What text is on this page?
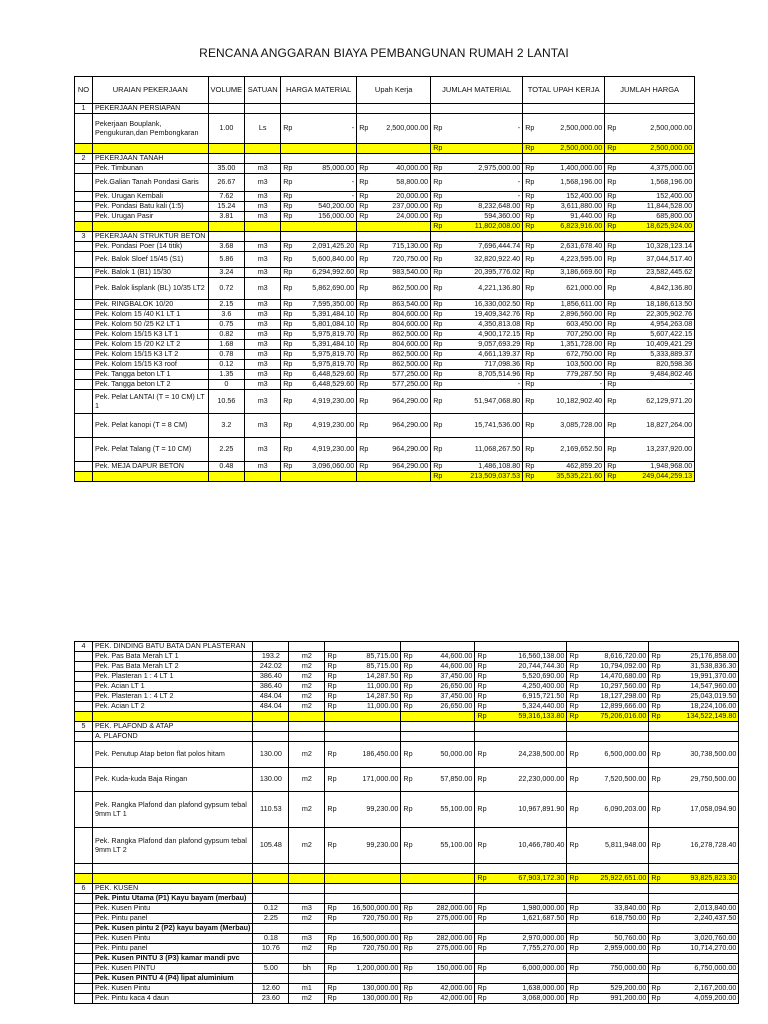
RENCANA ANGGARAN BIAYA PEMBANGUNAN RUMAH 2 LANTAI
NO	URAIAN PEKERJAAN	VOLUME	SATUAN	HARGA MATERIAL	Upah Kerja	JUMLAH MATERIAL	TOTAL UPAH KERJA	JUMLAH HARGA
1	PEKERJAAN PERSIAPAN							
	Pekerjaan Bouplank, Pengukuran,dan Pembongkaran	1.00	Ls	Rp -	Rp 2,500,000.00	Rp -	Rp 2,500,000.00	Rp 2,500,000.00

						Rp	Rp 2,500,000.00	Rp 2,500,000.00

2	PEKERJAAN TANAH							
	Pek. Timbunan	35.00	m3	Rp 85,000.00	Rp 40,000.00	Rp 2,975,000.00	Rp 1,400,000.00	Rp 4,375,000.00

	Pek.Galian Tanah Pondasi Garis	26.67	m3	Rp -	Rp 58,800.00	Rp -	Rp 1,568,196.00	Rp 1,568,196.00

	Pek. Urugan Kembali	7.62	m3	Rp -	Rp 20,000.00	Rp -	Rp 152,400.00	Rp 152,400.00

	Pek. Pondasi Batu kali (1:5)	15.24	m3	Rp 540,200.00	Rp 237,000.00	Rp 8,232,648.00	Rp 3,611,880.00	Rp 11,844,528.00

	Pek. Urugan Pasir	3.81	m3	Rp 156,000.00	Rp 24,000.00	Rp 594,360.00	Rp 91,440.00	Rp 685,800.00

						Rp 11,802,008.00	Rp 6,823,916.00	Rp 18,625,924.00

3	PEKERJAAN STRUKTUR BETON							
	Pek. Pondasi Poer (14 titik)	3.68	m3	Rp 2,091,425.20	Rp 715,130.00	Rp 7,696,444.74	Rp 2,631,678.40	Rp 10,328,123.14

	Pek. Balok Sloef 15/45 (S1)	5.86	m3	Rp 5,600,840.00	Rp 720,750.00	Rp 32,820,922.40	Rp 4,223,595.00	Rp 37,044,517.40

	Pek. Balok 1 (B1) 15/30	3.24	m3	Rp 6,294,992.60	Rp 983,540.00	Rp 20,395,776.02	Rp 3,186,669.60	Rp 23,582,445.62

	Pek. Balok lisplank (BL) 10/35 LT2	0.72	m3	Rp 5,862,690.00	Rp 862,500.00	Rp 4,221,136.80	Rp 621,000.00	Rp 4,842,136.80

	Pek. RINGBALOK 10/20	2.15	m3	Rp 7,595,350.00	Rp 863,540.00	Rp 16,330,002.50	Rp 1,856,611.00	Rp 18,186,613.50

	Pek. Kolom 15 /40 K1 LT 1	3.6	m3	Rp 5,391,484.10	Rp 804,600.00	Rp 19,409,342.76	Rp 2,896,560.00	Rp 22,305,902.76

	Pek. Kolom 50 /25 K2 LT 1	0.75	m3	Rp 5,801,084.10	Rp 804,600.00	Rp 4,350,813.08	Rp 603,450.00	Rp 4,954,263.08

	Pek. Kolom 15/15 K3 LT 1	0.82	m3	Rp 5,975,819.70	Rp 862,500.00	Rp 4,900,172.15	Rp 707,250.00	Rp 5,607,422.15

	Pek. Kolom 15 /20 K2 LT 2	1.68	m3	Rp 5,391,484.10	Rp 804,600.00	Rp 9,057,693.29	Rp 1,351,728.00	Rp 10,409,421.29

	Pek. Kolom 15/15 K3 LT 2	0.78	m3	Rp 5,975,819.70	Rp 862,500.00	Rp 4,661,139.37	Rp 672,750.00	Rp 5,333,889.37

	Pek. Kolom 15/15 K3 roof	0.12	m3	Rp 5,975,819.70	Rp 862,500.00	Rp 717,098.36	Rp 103,500.00	Rp 820,598.36

	Pek. Tangga beton LT 1	1.35	m3	Rp 6,448,529.60	Rp 577,250.00	Rp 8,705,514.96	Rp 779,287.50	Rp 9,484,802.46

	Pek. Tangga beton LT 2	0	m3	Rp 6,448,529.60	Rp 577,250.00	Rp -	Rp -	Rp -

	Pek. Pelat LANTAI (T = 10 CM) LT 1	10.56	m3	Rp 4,919,230.00	Rp 964,290.00	Rp 51,947,068.80	Rp 10,182,902.40	Rp 62,129,971.20

	Pek. Pelat kanopi (T = 8 CM)	3.2	m3	Rp 4,919,230.00	Rp 964,290.00	Rp 15,741,536.00	Rp 3,085,728.00	Rp 18,827,264.00

	Pek. Pelat Talang (T = 10 CM)	2.25	m3	Rp 4,919,230.00	Rp 964,290.00	Rp 11,068,267.50	Rp 2,169,652.50	Rp 13,237,920.00

	Pek. MEJA DAPUR BETON	0.48	m3	Rp 3,096,060.00	Rp 964,290.00	Rp 1,486,108.80	Rp 462,859.20	Rp 1,948,968.00

						Rp 213,509,037.53	Rp 35,535,221.60	Rp 249,044,259.13
4	PEK. DINDING BATU BATA DAN PLASTERAN							
	Pek. Pas Bata Merah LT 1	193.2	m2	Rp 85,715.00	Rp 44,600.00	Rp 16,560,138.00	Rp 8,616,720.00	Rp 25,176,858.00

	Pek. Pas Bata Merah LT 2	242.02	m2	Rp 85,715.00	Rp 44,600.00	Rp 20,744,744.30	Rp 10,794,092.00	Rp 31,538,836.30

	Pek. Plasteran 1 : 4 LT 1	386.40	m2	Rp 14,287.50	Rp 37,450.00	Rp 5,520,690.00	Rp 14,470,680.00	Rp 19,991,370.00

	Pek. Acian LT 1	386.40	m2	Rp 11,000.00	Rp 26,650.00	Rp 4,250,400.00	Rp 10,297,560.00	Rp 14,547,960.00

	Pek. Plasteran 1 : 4 LT 2	484.04	m2	Rp 14,287.50	Rp 37,450.00	Rp 6,915,721.50	Rp 18,127,298.00	Rp 25,043,019.50

	Pek. Acian LT 2	484.04	m2	Rp 11,000.00	Rp 26,650.00	Rp 5,324,440.00	Rp 12,899,666.00	Rp 18,224,106.00

						Rp 59,316,133.80	Rp 75,206,016.00	Rp 134,522,149.80

5	PEK. PLAFOND & ATAP							
	A. PLAFOND							
	Pek. Penutup Atap beton flat polos hitam	130.00	m2	Rp 186,450.00	Rp 50,000.00	Rp 24,238,500.00	Rp 6,500,000.00	Rp 30,738,500.00

	Pek. Kuda-kuda Baja Ringan	130.00	m2	Rp 171,000.00	Rp 57,850.00	Rp 22,230,000.00	Rp 7,520,500.00	Rp 29,750,500.00

	Pek. Rangka Plafond dan plafond gypsum tebal 9mm LT 1	110.53	m2	Rp 99,230.00	Rp 55,100.00	Rp 10,967,891.90	Rp 6,090,203.00	Rp 17,058,094.90

	Pek. Rangka Plafond dan plafond gypsum tebal 9mm LT 2	105.48	m2	Rp 99,230.00	Rp 55,100.00	Rp 10,466,780.40	Rp 5,811,948.00	Rp 16,278,728.40

						Rp 67,903,172.30	Rp 25,922,651.00	Rp 93,825,823.30

6	PEK. KUSEN							
	Pek. Pintu Utama (P1) Kayu bayam (merbau)							
	Pek. Kusen Pintu	0.12	m3	Rp 16,500,000.00	Rp 282,000.00	Rp 1,980,000.00	Rp 33,840.00	Rp 2,013,840.00

	Pek. Pintu panel	2.25	m2	Rp 720,750.00	Rp 275,000.00	Rp 1,621,687.50	Rp 618,750.00	Rp 2,240,437.50

	Pek. Kusen pintu 2 (P2) kayu bayam (Merbau)							
	Pek. Kusen Pintu	0.18	m3	Rp 16,500,000.00	Rp 282,000.00	Rp 2,970,000.00	Rp 50,760.00	Rp 3,020,760.00

	Pek. Pintu panel	10.76	m2	Rp 720,750.00	Rp 275,000.00	Rp 7,755,270.00	Rp 2,959,000.00	Rp 10,714,270.00

	Pek. Kusen PINTU 3 (P3) kamar mandi pvc							
	Pek. Kusen PINTU	5.00	bh	Rp 1,200,000.00	Rp 150,000.00	Rp 6,000,000.00	Rp 750,000.00	Rp 6,750,000.00

	Pek. Kusen PINTU 4 (P4) lipat aluminium							
	Pek. Kusen Pintu	12.60	m1	Rp 130,000.00	Rp 42,000.00	Rp 1,638,000.00	Rp 529,200.00	Rp 2,167,200.00

	Pek. Pintu kaca 4 daun	23.60	m2	Rp 130,000.00	Rp 42,000.00	Rp 3,068,000.00	Rp 991,200.00	Rp 4,059,200.00
